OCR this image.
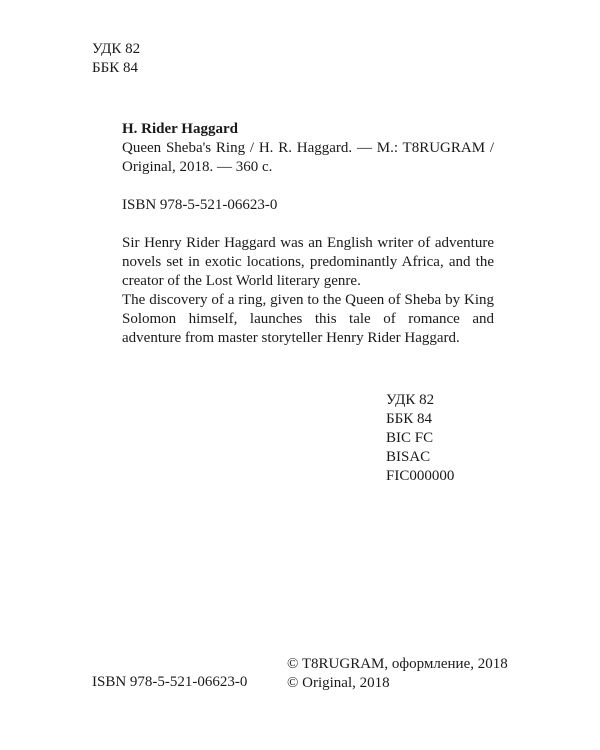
УДК 82
ББК 84
H. Rider Haggard
Queen Sheba's Ring / H. R. Haggard. — M.: T8RUGRAM / Original, 2018. — 360 c.
ISBN 978-5-521-06623-0

Sir Henry Rider Haggard was an English writer of adventure novels set in exotic locations, predominantly Africa, and the creator of the Lost World literary genre.

The discovery of a ring, given to the Queen of Sheba by King Solomon himself, launches this tale of romance and adventure from master storyteller Henry Rider Haggard.

УДК 82
ББК 84
BIC FC
BISAC
FIC000000
ISBN 978-5-521-06623-0
© T8RUGRAM, оформление, 2018
© Original, 2018
